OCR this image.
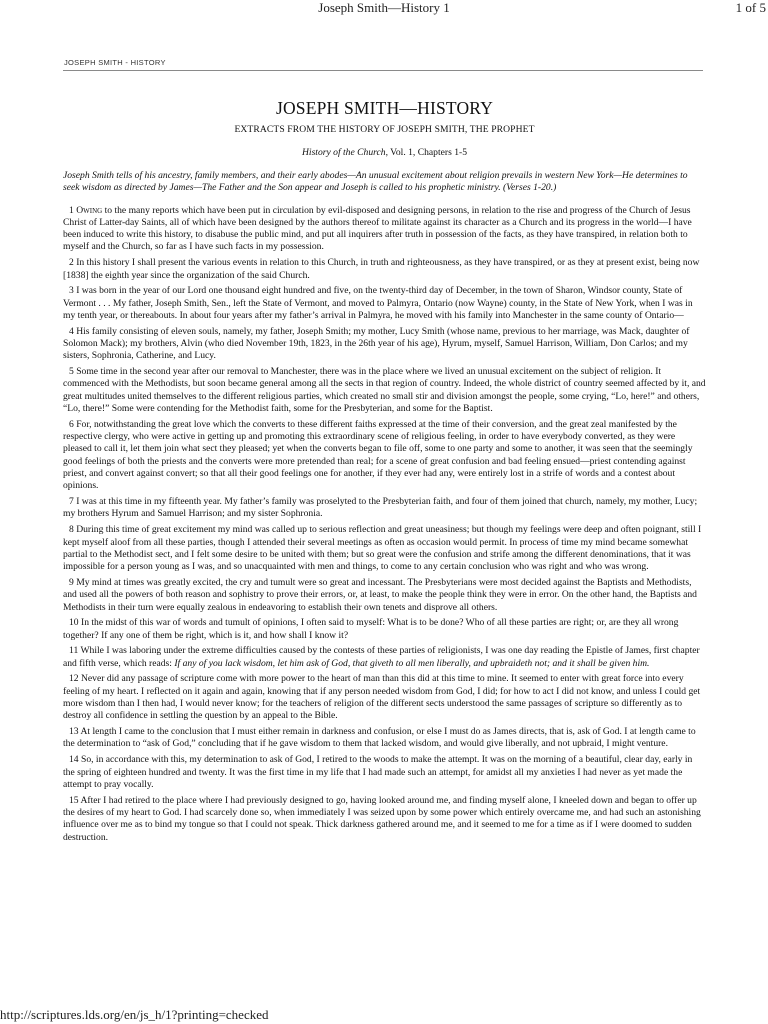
Joseph Smith—History 1	1 of 5
JOSEPH SMITH - HISTORY
JOSEPH SMITH—HISTORY
EXTRACTS FROM THE HISTORY OF JOSEPH SMITH, THE PROPHET
History of the Church, Vol. 1, Chapters 1-5
Joseph Smith tells of his ancestry, family members, and their early abodes—An unusual excitement about religion prevails in western New York—He determines to seek wisdom as directed by James—The Father and the Son appear and Joseph is called to his prophetic ministry. (Verses 1-20.)

1 Owing to the many reports which have been put in circulation by evil-disposed and designing persons, in relation to the rise and progress of the Church of Jesus Christ of Latter-day Saints, all of which have been designed by the authors thereof to militate against its character as a Church and its progress in the world—I have been induced to write this history, to disabuse the public mind, and put all inquirers after truth in possession of the facts, as they have transpired, in relation both to myself and the Church, so far as I have such facts in my possession.

2 In this history I shall present the various events in relation to this Church, in truth and righteousness, as they have transpired, or as they at present exist, being now [1838] the eighth year since the organization of the said Church.

3 I was born in the year of our Lord one thousand eight hundred and five, on the twenty-third day of December, in the town of Sharon, Windsor county, State of Vermont . . . My father, Joseph Smith, Sen., left the State of Vermont, and moved to Palmyra, Ontario (now Wayne) county, in the State of New York, when I was in my tenth year, or thereabouts. In about four years after my father’s arrival in Palmyra, he moved with his family into Manchester in the same county of Ontario—

4 His family consisting of eleven souls, namely, my father, Joseph Smith; my mother, Lucy Smith (whose name, previous to her marriage, was Mack, daughter of Solomon Mack); my brothers, Alvin (who died November 19th, 1823, in the 26th year of his age), Hyrum, myself, Samuel Harrison, William, Don Carlos; and my sisters, Sophronia, Catherine, and Lucy.

5 Some time in the second year after our removal to Manchester, there was in the place where we lived an unusual excitement on the subject of religion. It commenced with the Methodists, but soon became general among all the sects in that region of country. Indeed, the whole district of country seemed affected by it, and great multitudes united themselves to the different religious parties, which created no small stir and division amongst the people, some crying, “Lo, here!” and others, “Lo, there!” Some were contending for the Methodist faith, some for the Presbyterian, and some for the Baptist.

6 For, notwithstanding the great love which the converts to these different faiths expressed at the time of their conversion, and the great zeal manifested by the respective clergy, who were active in getting up and promoting this extraordinary scene of religious feeling, in order to have everybody converted, as they were pleased to call it, let them join what sect they pleased; yet when the converts began to file off, some to one party and some to another, it was seen that the seemingly good feelings of both the priests and the converts were more pretended than real; for a scene of great confusion and bad feeling ensued—priest contending against priest, and convert against convert; so that all their good feelings one for another, if they ever had any, were entirely lost in a strife of words and a contest about opinions.

7 I was at this time in my fifteenth year. My father’s family was proselyted to the Presbyterian faith, and four of them joined that church, namely, my mother, Lucy; my brothers Hyrum and Samuel Harrison; and my sister Sophronia.

8 During this time of great excitement my mind was called up to serious reflection and great uneasiness; but though my feelings were deep and often poignant, still I kept myself aloof from all these parties, though I attended their several meetings as often as occasion would permit. In process of time my mind became somewhat partial to the Methodist sect, and I felt some desire to be united with them; but so great were the confusion and strife among the different denominations, that it was impossible for a person young as I was, and so unacquainted with men and things, to come to any certain conclusion who was right and who was wrong.

9 My mind at times was greatly excited, the cry and tumult were so great and incessant. The Presbyterians were most decided against the Baptists and Methodists, and used all the powers of both reason and sophistry to prove their errors, or, at least, to make the people think they were in error. On the other hand, the Baptists and Methodists in their turn were equally zealous in endeavoring to establish their own tenets and disprove all others.

10 In the midst of this war of words and tumult of opinions, I often said to myself: What is to be done? Who of all these parties are right; or, are they all wrong together? If any one of them be right, which is it, and how shall I know it?

11 While I was laboring under the extreme difficulties caused by the contests of these parties of religionists, I was one day reading the Epistle of James, first chapter and fifth verse, which reads: If any of you lack wisdom, let him ask of God, that giveth to all men liberally, and upbraideth not; and it shall be given him.

12 Never did any passage of scripture come with more power to the heart of man than this did at this time to mine. It seemed to enter with great force into every feeling of my heart. I reflected on it again and again, knowing that if any person needed wisdom from God, I did; for how to act I did not know, and unless I could get more wisdom than I then had, I would never know; for the teachers of religion of the different sects understood the same passages of scripture so differently as to destroy all confidence in settling the question by an appeal to the Bible.

13 At length I came to the conclusion that I must either remain in darkness and confusion, or else I must do as James directs, that is, ask of God. I at length came to the determination to “ask of God,” concluding that if he gave wisdom to them that lacked wisdom, and would give liberally, and not upbraid, I might venture.

14 So, in accordance with this, my determination to ask of God, I retired to the woods to make the attempt. It was on the morning of a beautiful, clear day, early in the spring of eighteen hundred and twenty. It was the first time in my life that I had made such an attempt, for amidst all my anxieties I had never as yet made the attempt to pray vocally.

15 After I had retired to the place where I had previously designed to go, having looked around me, and finding myself alone, I kneeled down and began to offer up the desires of my heart to God. I had scarcely done so, when immediately I was seized upon by some power which entirely overcame me, and had such an astonishing influence over me as to bind my tongue so that I could not speak. Thick darkness gathered around me, and it seemed to me for a time as if I were doomed to sudden destruction.

http://scriptures.lds.org/en/js_h/1?printing=checked
